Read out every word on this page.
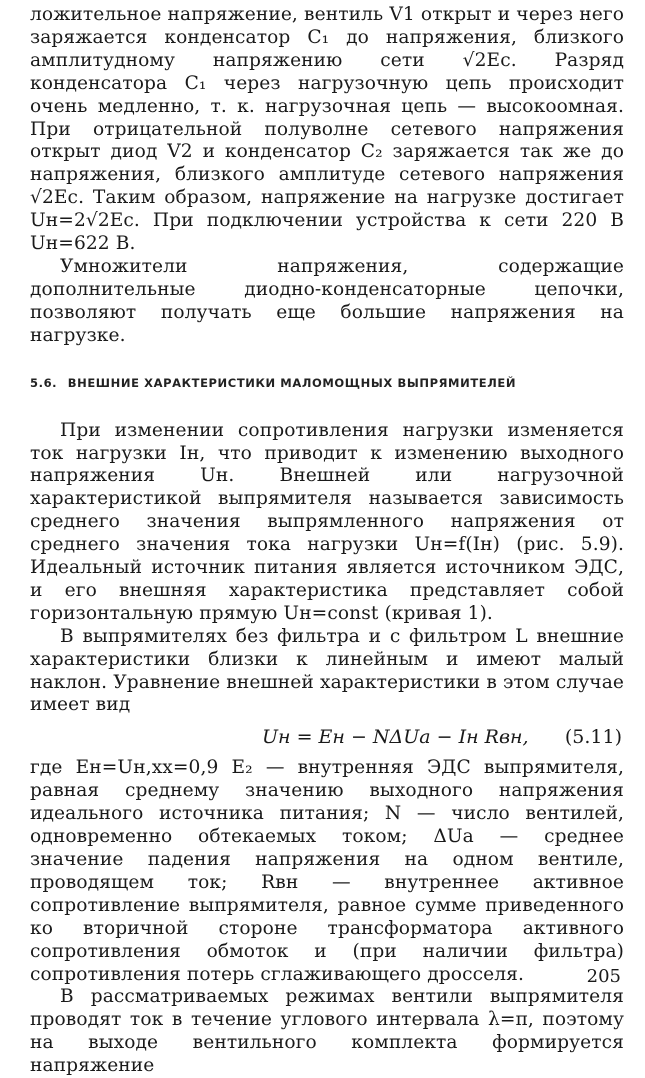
ложительное напряжение, вентиль V1 открыт и через него заряжается конденсатор C₁ до напряжения, близкого амплитудному напряжению сети √2Eс. Разряд конденсатора C₁ через нагрузочную цепь происходит очень медленно, т. к. нагрузочная цепь — высокоомная. При отрицательной полуволне сетевого напряжения открыт диод V2 и конденсатор C₂ заряжается так же до напряжения, близкого амплитуде сетевого напряжения √2Eс. Таким образом, напряжение на нагрузке достигает Uн=2√2Eс. При подключении устройства к сети 220 В Uн=622 В.

Умножители напряжения, содержащие дополнительные диодно-конденсаторные цепочки, позволяют получать еще большие напряжения на нагрузке.

5.6. ВНЕШНИЕ ХАРАКТЕРИСТИКИ МАЛОМОЩНЫХ ВЫПРЯМИТЕЛЕЙ

При изменении сопротивления нагрузки изменяется ток нагрузки Iн, что приводит к изменению выходного напряжения Uн. Внешней или нагрузочной характеристикой выпрямителя называется зависимость среднего значения выпрямленного напряжения от среднего значения тока нагрузки Uн=f(Iн) (рис. 5.9). Идеальный источник питания является источником ЭДС, и его внешняя характеристика представляет собой горизонтальную прямую Uн=const (кривая 1).

В выпрямителях без фильтра и с фильтром L внешние характеристики близки к линейным и имеют малый наклон. Уравнение внешней характеристики в этом случае имеет вид

Uн = Eн − NΔUа − Iн Rвн, (5.11)

где Eн=Uн,хх=0,9 E₂ — внутренняя ЭДС выпрямителя, равная среднему значению выходного напряжения идеального источника питания; N — число вентилей, одновременно обтекаемых током; ΔUа — среднее значение падения напряжения на одном вентиле, проводящем ток; Rвн — внутреннее активное сопротивление выпрямителя, равное сумме приведенного ко вторичной стороне трансформатора активного сопротивления обмоток и (при наличии фильтра) сопротивления потерь сглаживающего дросселя.

В рассматриваемых режимах вентили выпрямителя проводят ток в течение углового интервала λ=π, поэтому на выходе вентильного комплекта формируется напряжение

205
